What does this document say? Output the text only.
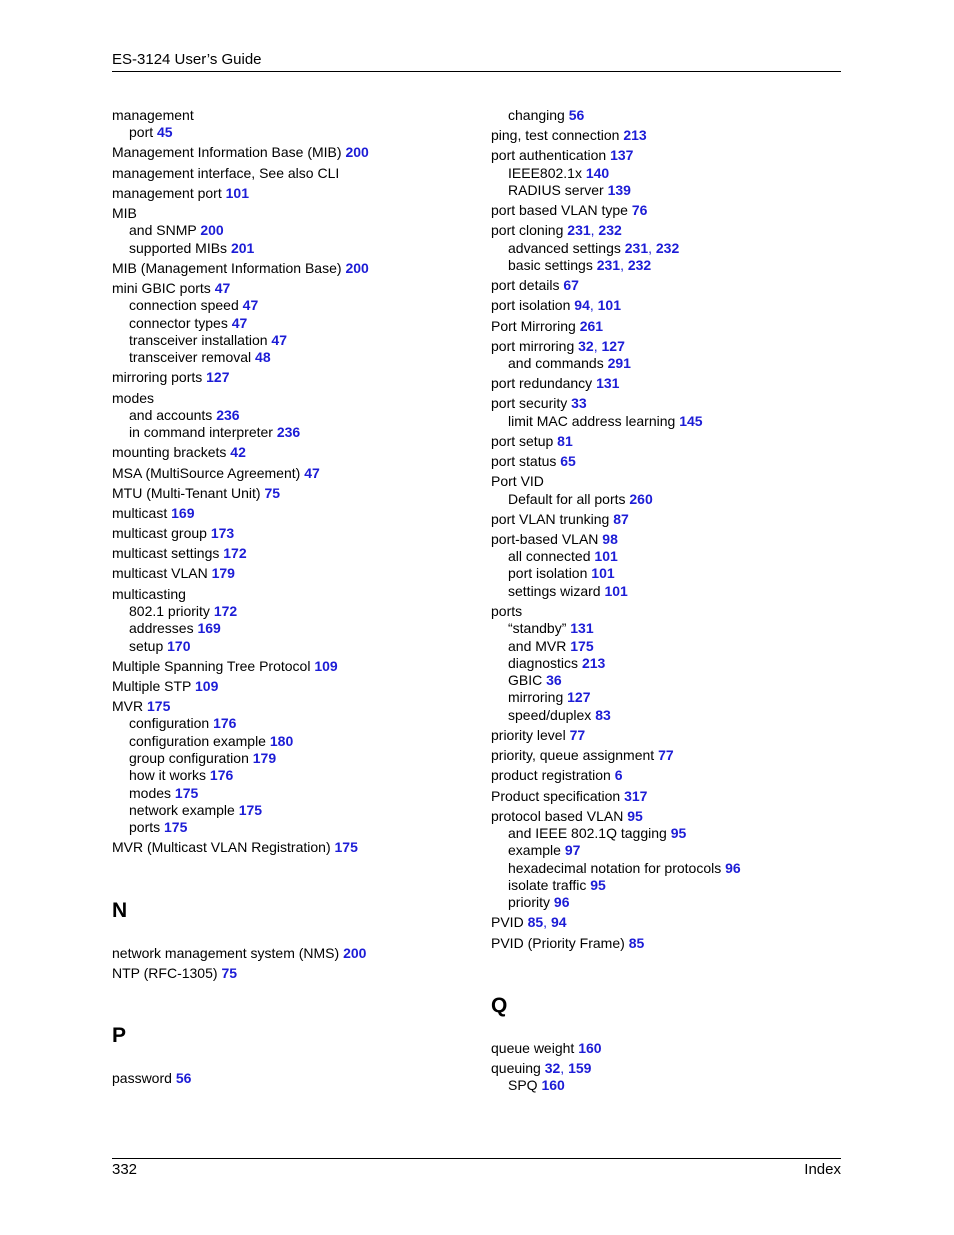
ES-3124 User’s Guide
management
port 45
Management Information Base (MIB) 200
management interface, See also CLI
management port 101
MIB
and SNMP 200
supported MIBs 201
MIB (Management Information Base) 200
mini GBIC ports 47
connection speed 47
connector types 47
transceiver installation 47
transceiver removal 48
mirroring ports 127
modes
and accounts 236
in command interpreter 236
mounting brackets 42
MSA (MultiSource Agreement) 47
MTU (Multi-Tenant Unit) 75
multicast 169
multicast group 173
multicast settings 172
multicast VLAN 179
multicasting
802.1 priority 172
addresses 169
setup 170
Multiple Spanning Tree Protocol 109
Multiple STP 109
MVR 175
configuration 176
configuration example 180
group configuration 179
how it works 176
modes 175
network example 175
ports 175
MVR (Multicast VLAN Registration) 175
N
network management system (NMS) 200
NTP (RFC-1305) 75
P
password 56
changing 56
ping, test connection 213
port authentication 137
IEEE802.1x 140
RADIUS server 139
port based VLAN type 76
port cloning 231, 232
advanced settings 231, 232
basic settings 231, 232
port details 67
port isolation 94, 101
Port Mirroring 261
port mirroring 32, 127
and commands 291
port redundancy 131
port security 33
limit MAC address learning 145
port setup 81
port status 65
Port VID
Default for all ports 260
port VLAN trunking 87
port-based VLAN 98
all connected 101
port isolation 101
settings wizard 101
ports
“standby” 131
and MVR 175
diagnostics 213
GBIC 36
mirroring 127
speed/duplex 83
priority level 77
priority, queue assignment 77
product registration 6
Product specification 317
protocol based VLAN 95
and IEEE 802.1Q tagging 95
example 97
hexadecimal notation for protocols 96
isolate traffic 95
priority 96
PVID 85, 94
PVID (Priority Frame) 85
Q
queue weight 160
queuing 32, 159
SPQ 160
332	Index
